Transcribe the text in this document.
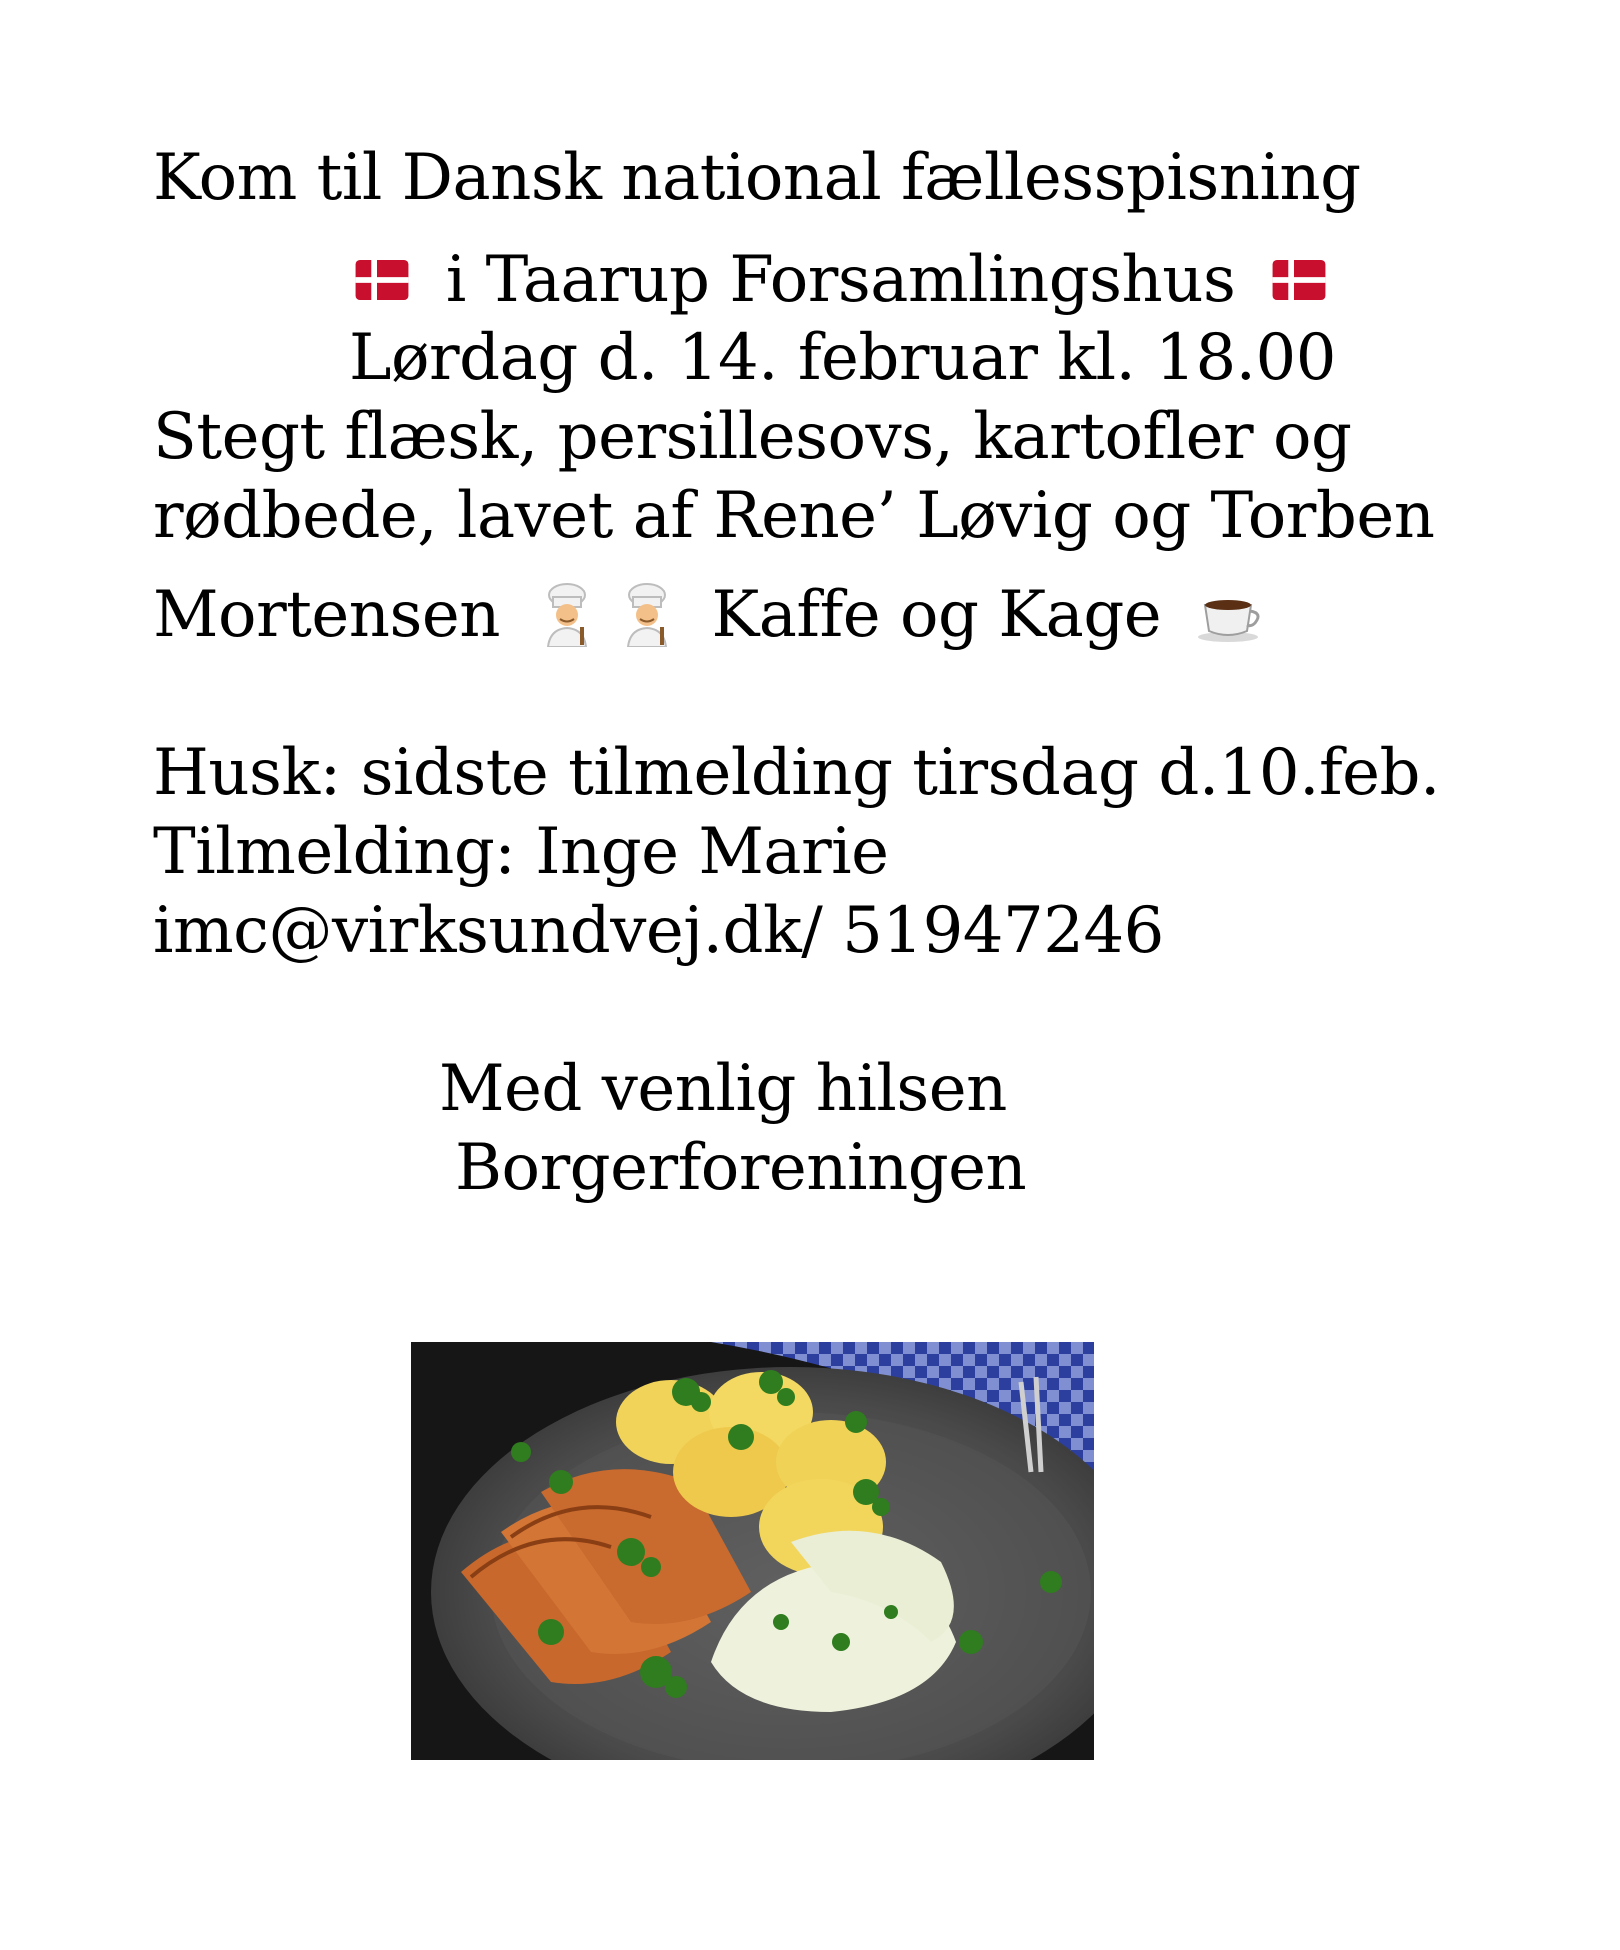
Kom til Dansk national fællesspisning
i Taarup Forsamlingshus
Lørdag d. 14. februar kl. 18.00
Stegt flæsk, persillesovs, kartofler og
rødbede, lavet af Rene’ Løvig og Torben
Mortensen	Kaffe og Kage
Husk: sidste tilmelding tirsdag d.10.feb.
Tilmelding: Inge Marie
imc@virksundvej.dk/ 51947246
Med venlig hilsen
Borgerforeningen
